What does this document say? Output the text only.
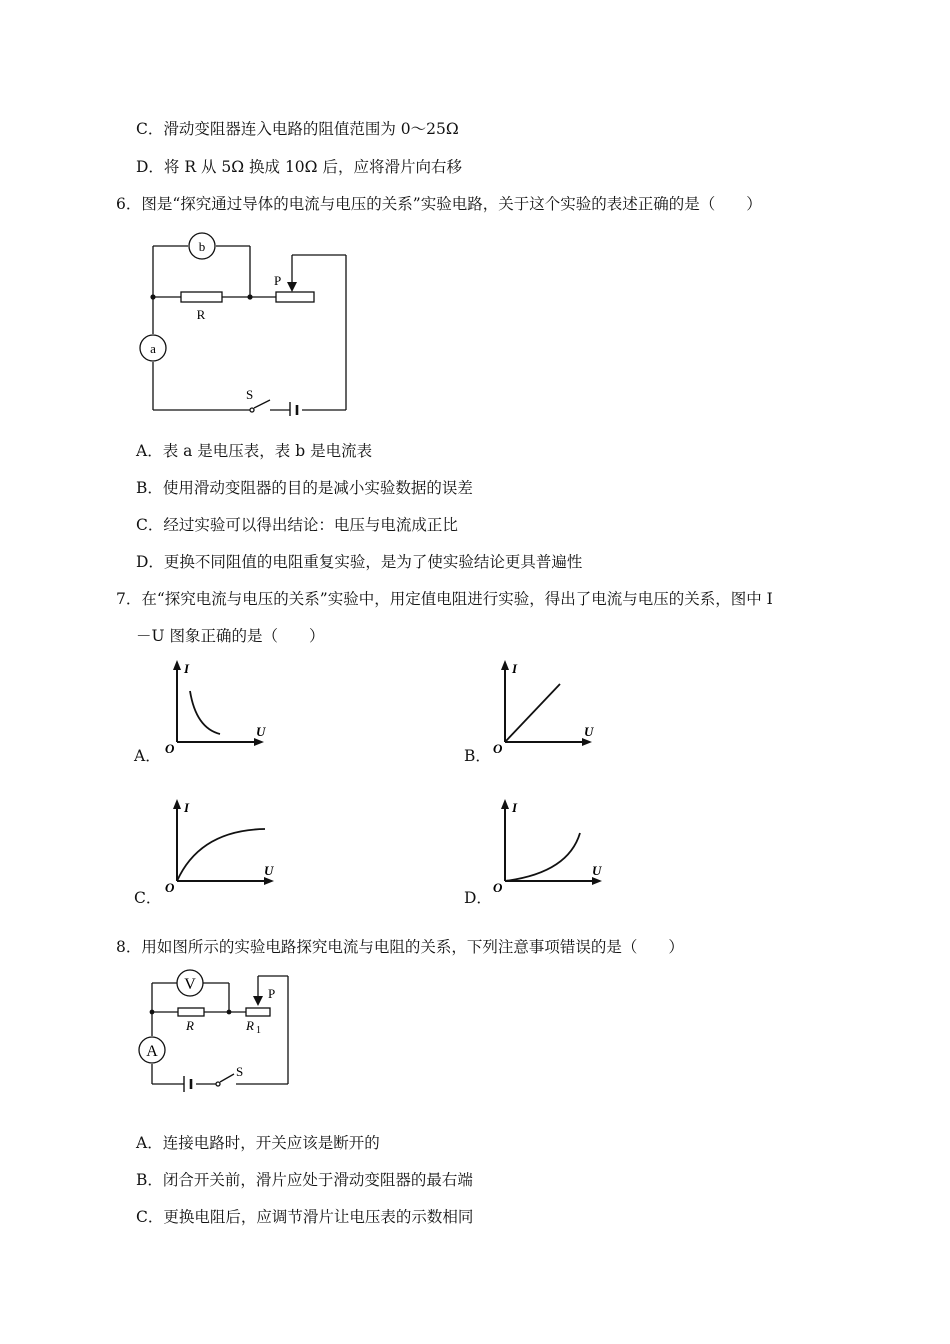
C．滑动变阻器连入电路的阻值范围为 0～25Ω
D．将 R 从 5Ω 换成 10Ω 后，应将滑片向右移
6．图是“探究通过导体的电流与电压的关系”实验电路，关于这个实验的表述正确的是（　　）
b
a
P
R
S
A．表 a 是电压表，表 b 是电流表
B．使用滑动变阻器的目的是减小实验数据的误差
C．经过实验可以得出结论：电压与电流成正比
D．更换不同阻值的电阻重复实验，是为了使实验结论更具普遍性
7．在“探究电流与电压的关系”实验中，用定值电阻进行实验，得出了电流与电压的关系，图中 I
－U 图象正确的是（　　）
A．
I
U
O	B．
I
U
O
C．
I
U
O
D．
I
U
O
8．用如图所示的实验电路探究电流与电阻的关系，下列注意事项错误的是（　　）
V
A
P
R	R 1
S
A．连接电路时，开关应该是断开的
B．闭合开关前，滑片应处于滑动变阻器的最右端
C．更换电阻后，应调节滑片让电压表的示数相同
